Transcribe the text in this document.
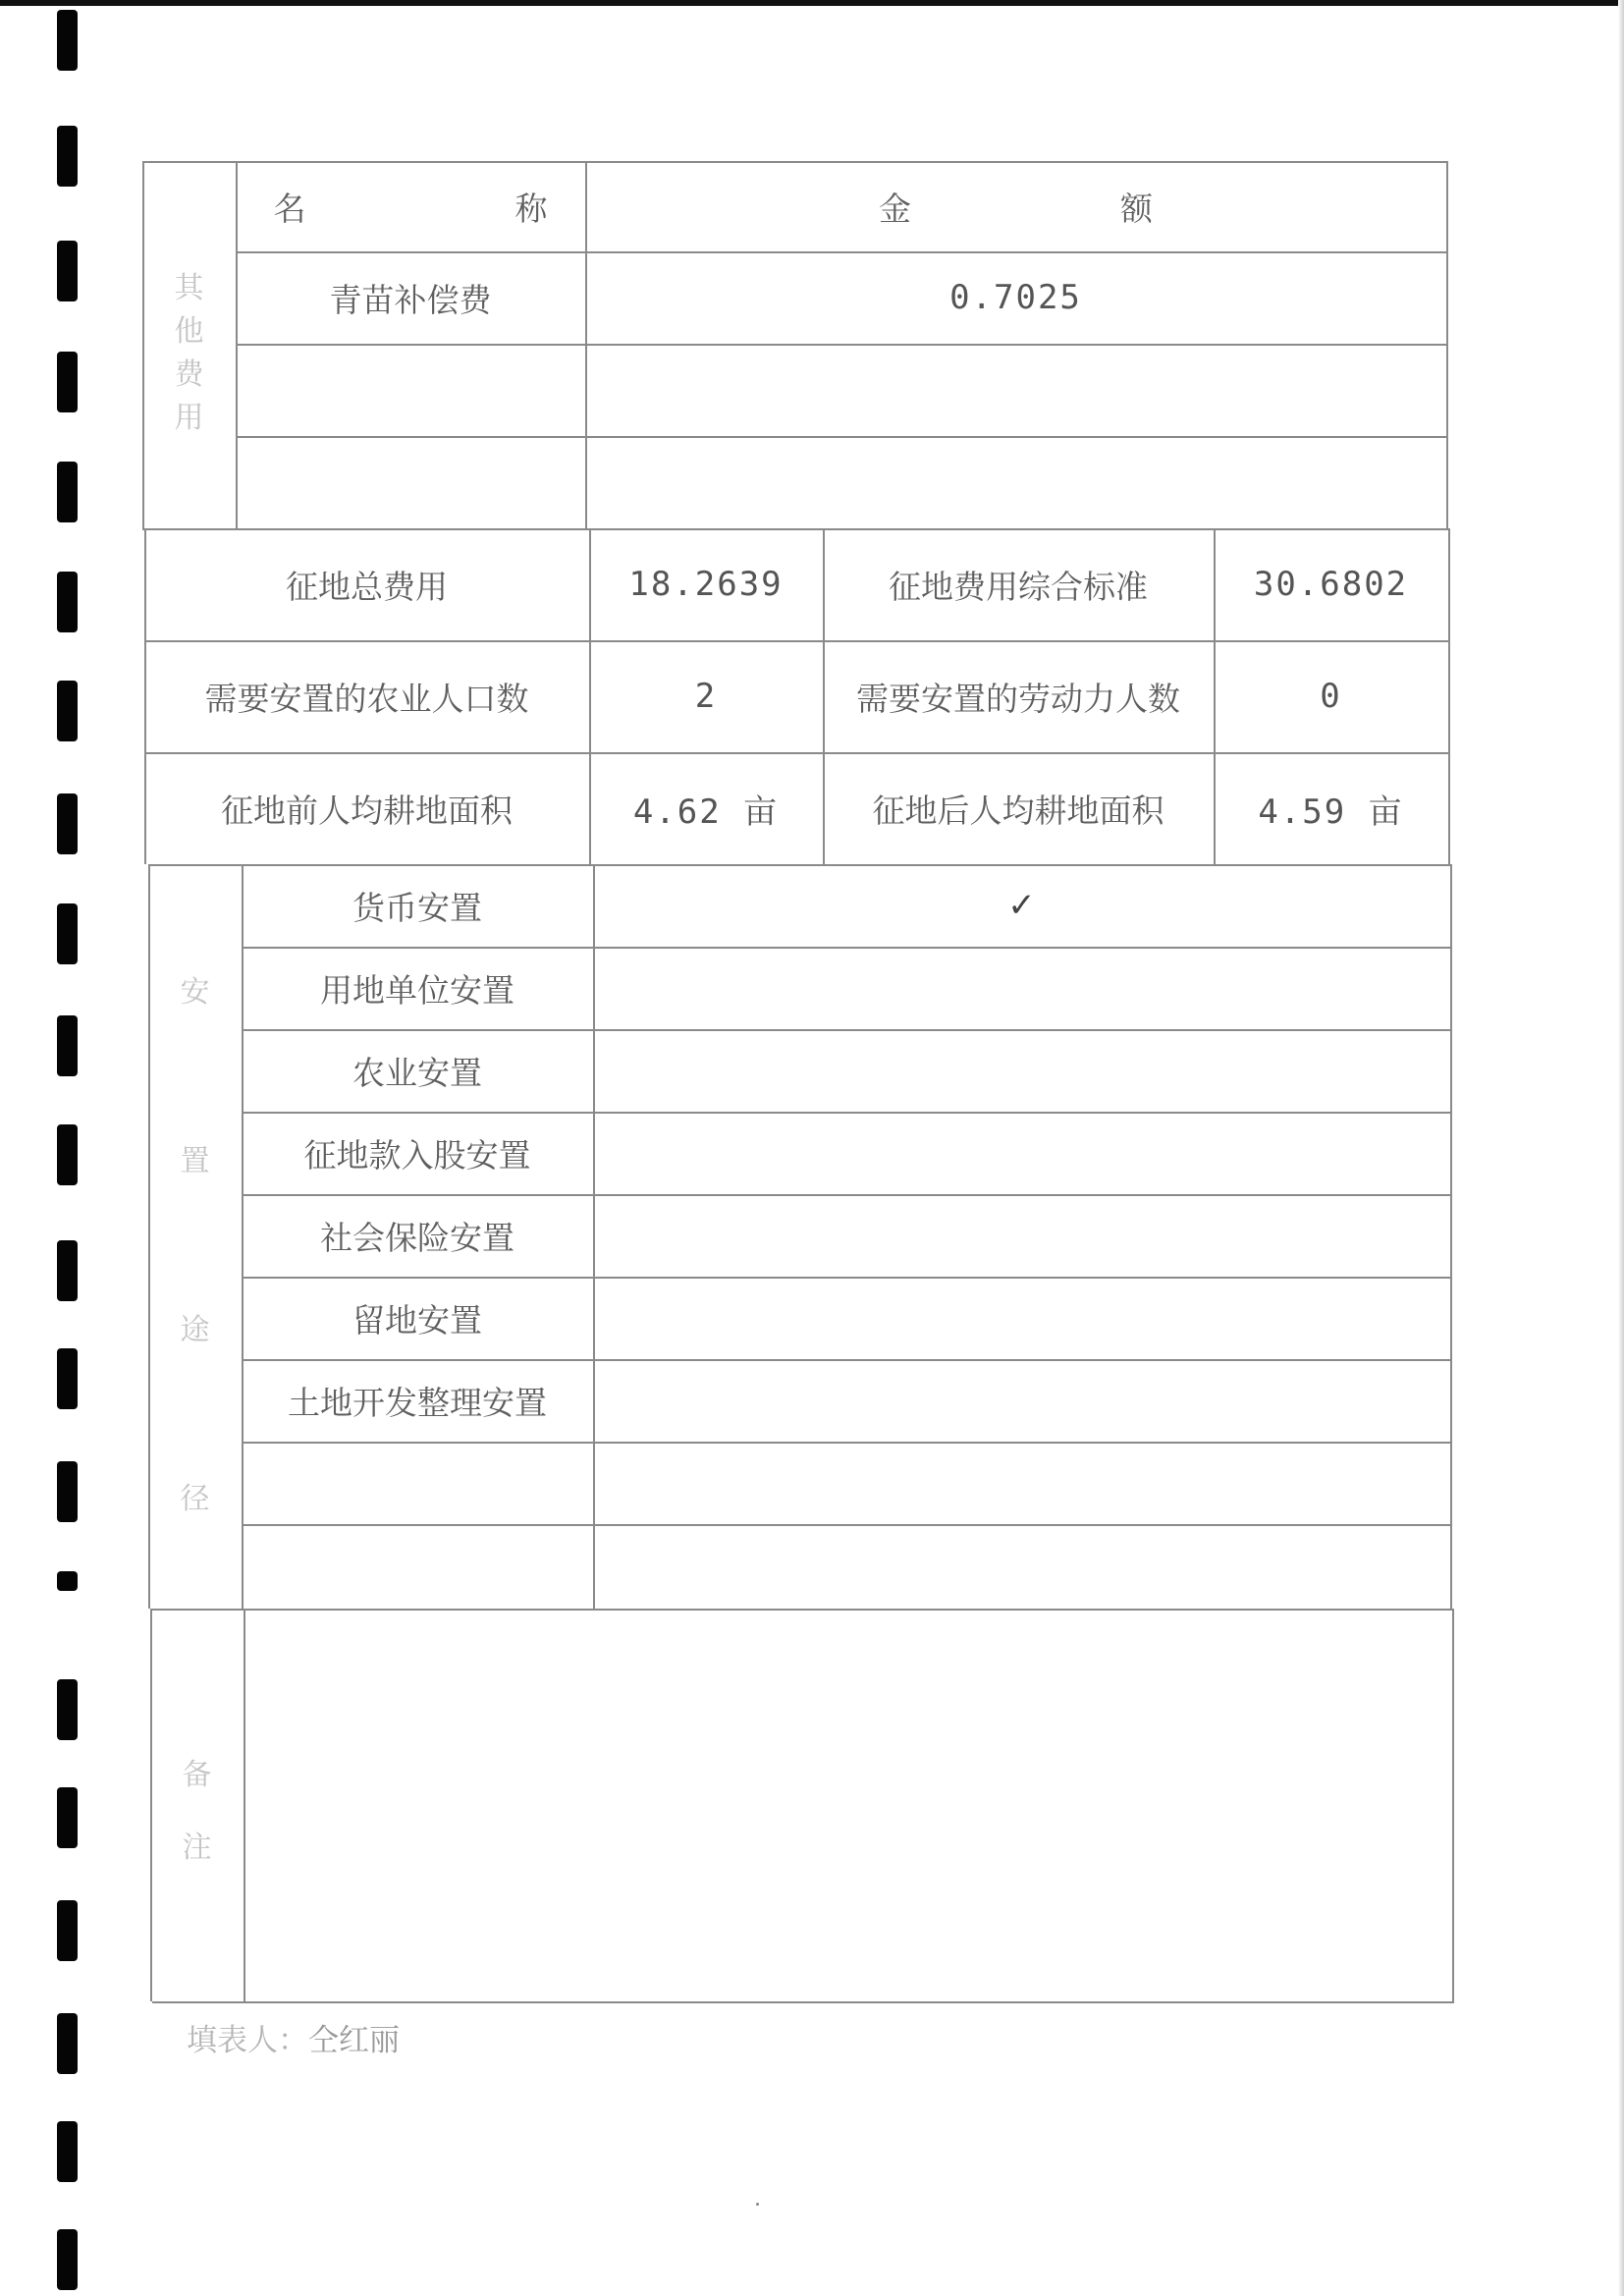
其
他
费
用
名　称	金　额
青苗补偿费	0.7025
征地总费用	18.2639	征地费用综合标准	30.6802
需要安置的农业人口数	2	需要安置的劳动力人数	0
征地前人均耕地面积	4.62 亩	征地后人均耕地面积	4.59 亩
安
置
途
径
货币安置	✓
用地单位安置
农业安置
征地款入股安置
社会保险安置
留地安置
土地开发整理安置
备
注
填表人：仝红丽
